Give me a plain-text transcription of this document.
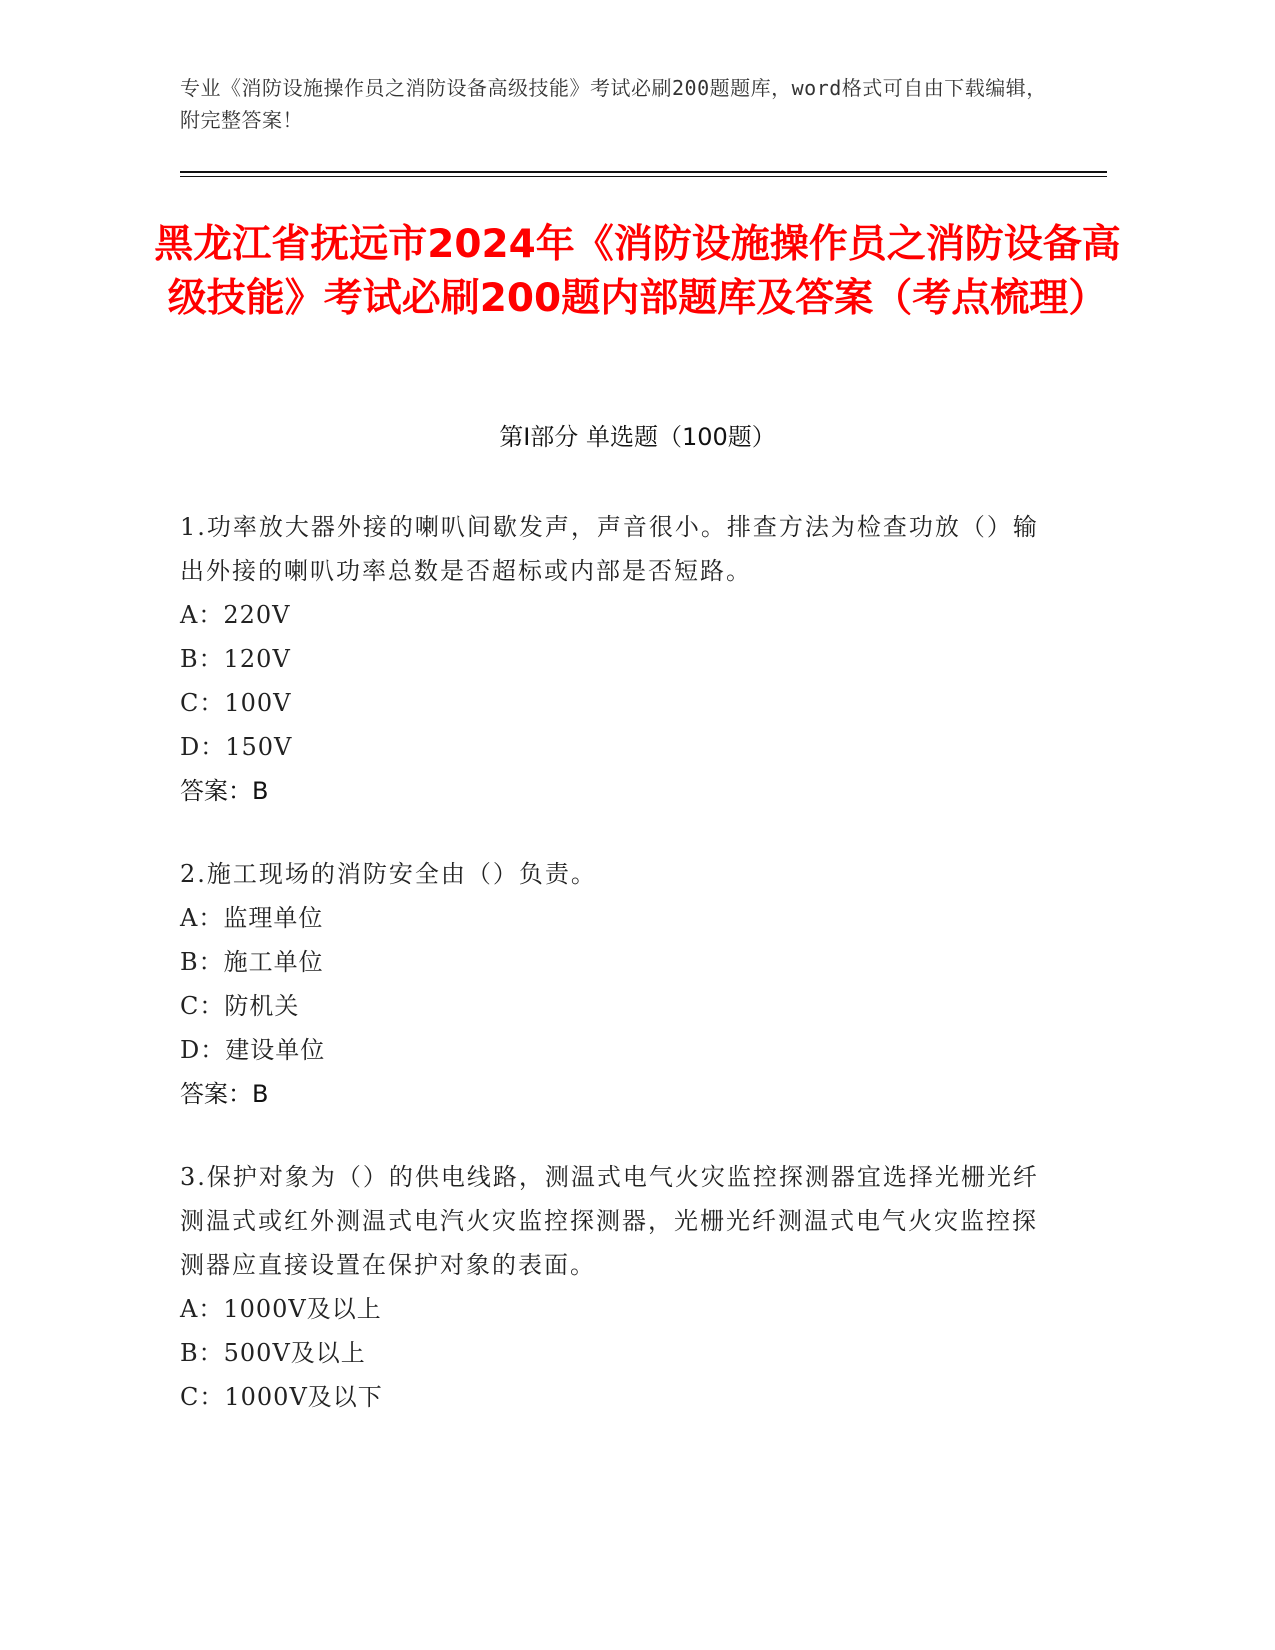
专业《消防设施操作员之消防设备高级技能》考试必刷200题题库，word格式可自由下载编辑，附完整答案！
黑龙江省抚远市2024年《消防设施操作员之消防设备高级技能》考试必刷200题内部题库及答案（考点梳理）
第I部分 单选题（100题）
1.功率放大器外接的喇叭间歇发声，声音很小。排查方法为检查功放（）输出外接的喇叭功率总数是否超标或内部是否短路。
A：220V
B：120V
C：100V
D：150V
答案：B
2.施工现场的消防安全由（）负责。
A：监理单位
B：施工单位
C：防机关
D：建设单位
答案：B
3.保护对象为（）的供电线路，测温式电气火灾监控探测器宜选择光栅光纤测温式或红外测温式电汽火灾监控探测器，光栅光纤测温式电气火灾监控探测器应直接设置在保护对象的表面。
A：1000V及以上
B：500V及以上
C：1000V及以下
